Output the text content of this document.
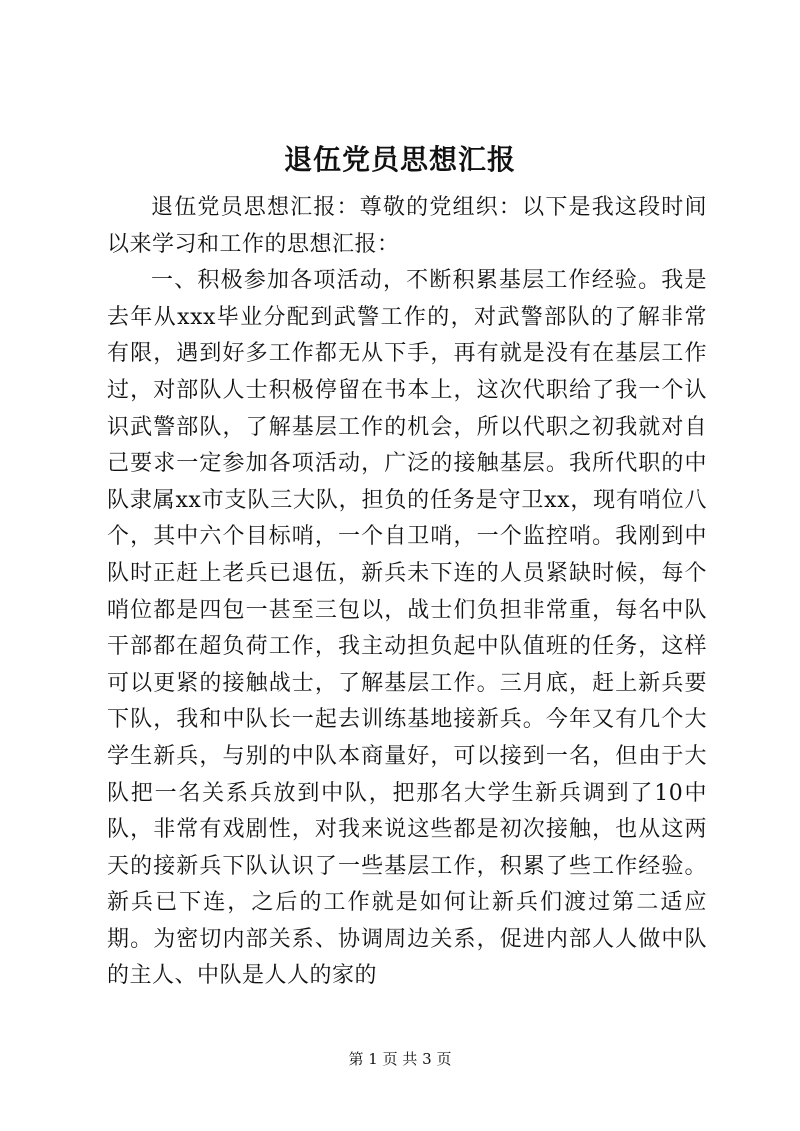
退伍党员思想汇报

退伍党员思想汇报：尊敬的党组织：以下是我这段时间以来学习和工作的思想汇报：

一、积极参加各项活动，不断积累基层工作经验。我是去年从xxx毕业分配到武警工作的，对武警部队的了解非常有限，遇到好多工作都无从下手，再有就是没有在基层工作过，对部队人士积极停留在书本上，这次代职给了我一个认识武警部队，了解基层工作的机会，所以代职之初我就对自己要求一定参加各项活动，广泛的接触基层。我所代职的中队隶属xx市支队三大队，担负的任务是守卫xx，现有哨位八个，其中六个目标哨，一个自卫哨，一个监控哨。我刚到中队时正赶上老兵已退伍，新兵未下连的人员紧缺时候，每个哨位都是四包一甚至三包以，战士们负担非常重，每名中队干部都在超负荷工作，我主动担负起中队值班的任务，这样可以更紧的接触战士，了解基层工作。三月底，赶上新兵要下队，我和中队长一起去训练基地接新兵。今年又有几个大学生新兵，与别的中队本商量好，可以接到一名，但由于大队把一名关系兵放到中队，把那名大学生新兵调到了10中队，非常有戏剧性，对我来说这些都是初次接触，也从这两天的接新兵下队认识了一些基层工作，积累了些工作经验。新兵已下连，之后的工作就是如何让新兵们渡过第二适应期。为密切内部关系、协调周边关系，促进内部人人做中队的主人、中队是人人的家的

第 1 页 共 3 页
